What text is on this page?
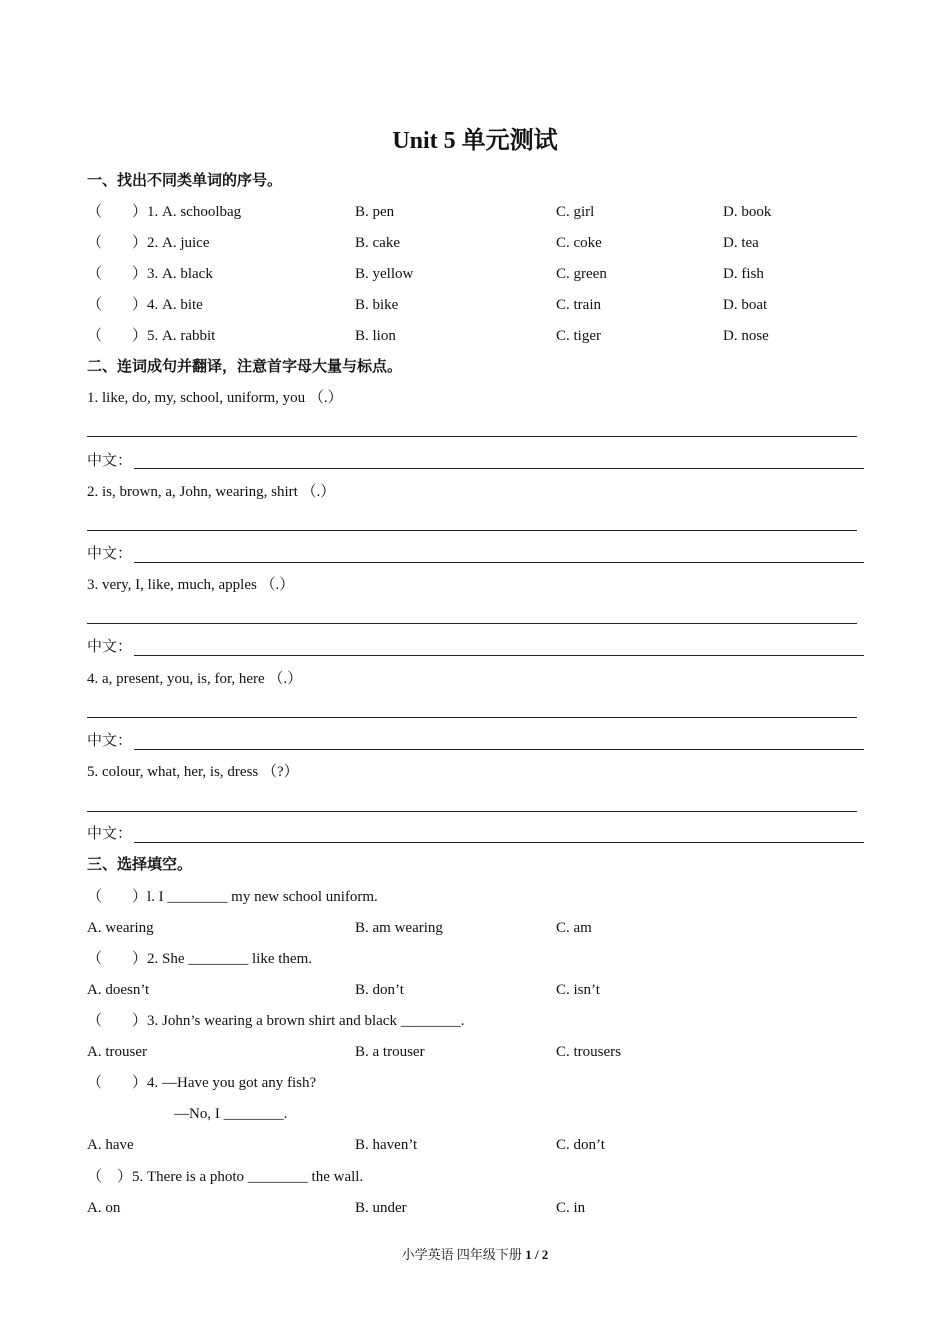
Unit 5 单元测试
一、找出不同类单词的序号。
（　　）1. A. schoolbag	B. pen	C. girl	D. book
（　　）2. A. juice	B. cake	C. coke	D. tea
（　　）3. A. black	B. yellow	C. green	D. fish
（　　）4. A. bite	B. bike	C. train	D. boat
（　　）5. A. rabbit	B. lion	C. tiger	D. nose
二、连词成句并翻译，注意首字母大量与标点。
1. like, do, my, school, uniform, you （.）
中文：
2. is, brown, a, John, wearing, shirt （.）
中文：
3. very, I, like, much, apples （.）
中文：
4. a, present, you, is, for, here （.）
中文：
5. colour, what, her, is, dress （?）
中文：
三、选择填空。
（　　）l. I ________ my new school uniform.
A. wearing	B. am wearing	C. am
（　　）2. She ________ like them.
A. doesn’t	B. don’t	C. isn’t
（　　）3. John’s wearing a brown shirt and black ________.
A. trouser	B. a trouser	C. trousers
（　　）4. —Have you got any fish?
—No, I ________.
A. have	B. haven’t	C. don’t
（　）5. There is a photo ________ the wall.
A. on	B. under	C. in
小学英语 四年级下册 1 / 2
